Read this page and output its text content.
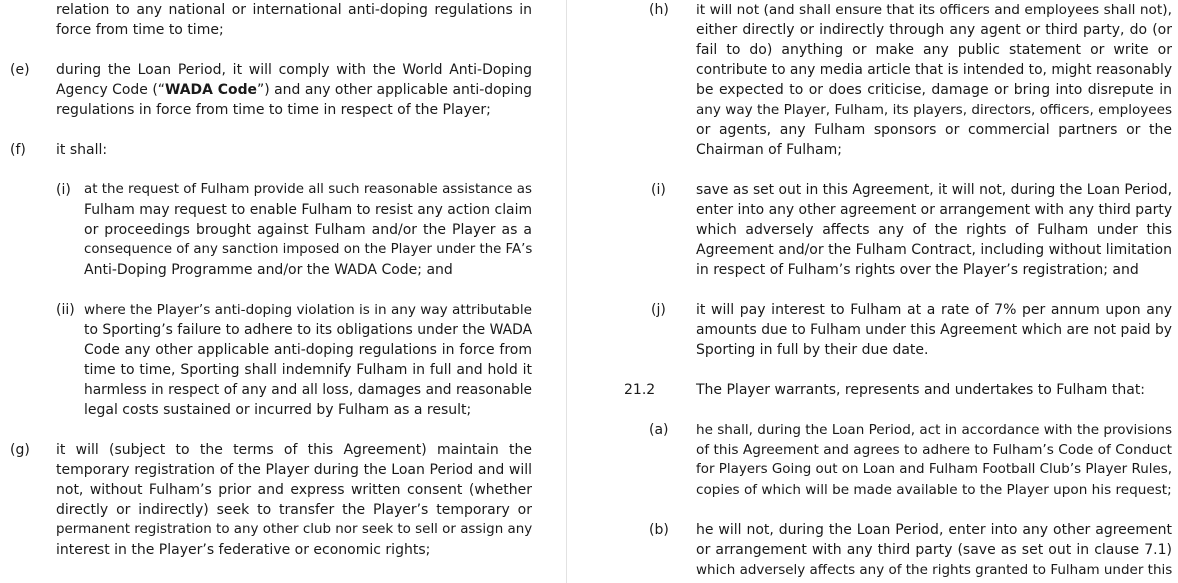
relation to any national or international anti-doping regulations in
force from time to time;
(e) during the Loan Period, it will comply with the World Anti-Doping
Agency Code (“WADA Code”) and any other applicable anti-doping
regulations in force from time to time in respect of the Player;
(f) it shall:
(i) at the request of Fulham provide all such reasonable assistance as
Fulham may request to enable Fulham to resist any action claim
or proceedings brought against Fulham and/or the Player as a
consequence of any sanction imposed on the Player under the FA’s
Anti-Doping Programme and/or the WADA Code; and
(ii) where the Player’s anti-doping violation is in any way attributable
to Sporting’s failure to adhere to its obligations under the WADA
Code any other applicable anti-doping regulations in force from
time to time, Sporting shall indemnify Fulham in full and hold it
harmless in respect of any and all loss, damages and reasonable
legal costs sustained or incurred by Fulham as a result;
(g) it will (subject to the terms of this Agreement) maintain the
temporary registration of the Player during the Loan Period and will
not, without Fulham’s prior and express written consent (whether
directly or indirectly) seek to transfer the Player’s temporary or
permanent registration to any other club nor seek to sell or assign any
interest in the Player’s federative or economic rights;
(h) it will not (and shall ensure that its officers and employees shall not),
either directly or indirectly through any agent or third party, do (or
fail to do) anything or make any public statement or write or
contribute to any media article that is intended to, might reasonably
be expected to or does criticise, damage or bring into disrepute in
any way the Player, Fulham, its players, directors, officers, employees
or agents, any Fulham sponsors or commercial partners or the
Chairman of Fulham;
(i) save as set out in this Agreement, it will not, during the Loan Period,
enter into any other agreement or arrangement with any third party
which adversely affects any of the rights of Fulham under this
Agreement and/or the Fulham Contract, including without limitation
in respect of Fulham’s rights over the Player’s registration; and
(j) it will pay interest to Fulham at a rate of 7% per annum upon any
amounts due to Fulham under this Agreement which are not paid by
Sporting in full by their due date.
21.2	The Player warrants, represents and undertakes to Fulham that:
(a) he shall, during the Loan Period, act in accordance with the provisions
of this Agreement and agrees to adhere to Fulham’s Code of Conduct
for Players Going out on Loan and Fulham Football Club’s Player Rules,
copies of which will be made available to the Player upon his request;
(b) he will not, during the Loan Period, enter into any other agreement
or arrangement with any third party (save as set out in clause 7.1)
which adversely affects any of the rights granted to Fulham under this
